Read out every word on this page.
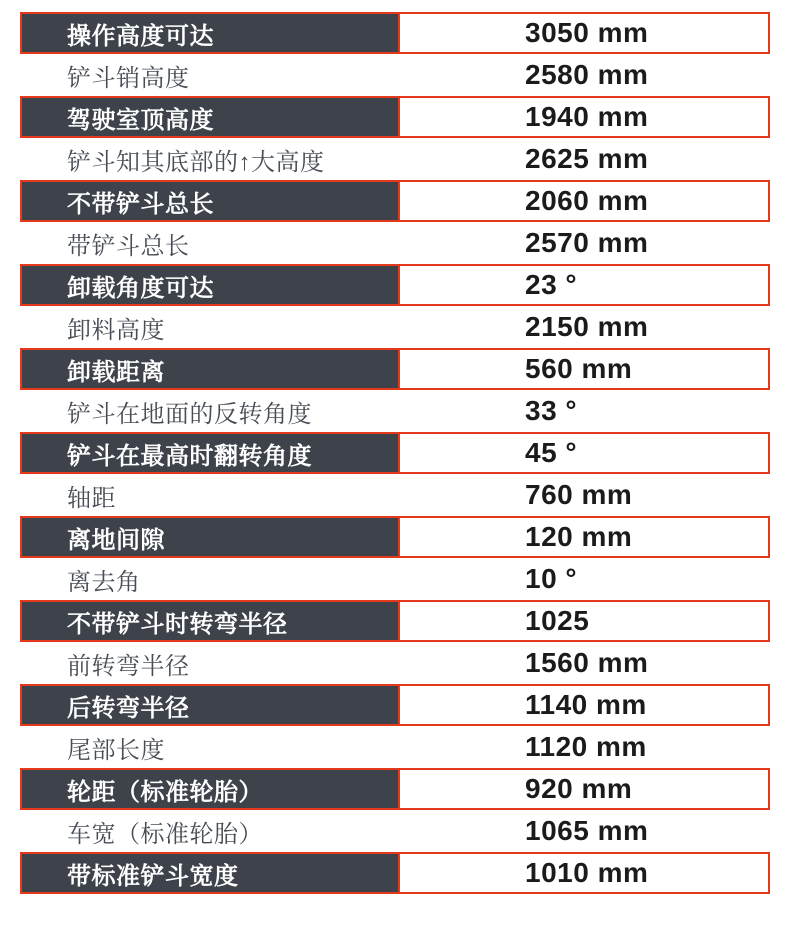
操作高度可达	3050 mm
铲斗销高度	2580 mm
驾驶室顶高度	1940 mm
铲斗知其底部的↑大高度	2625 mm
不带铲斗总长	2060 mm
带铲斗总长	2570 mm
卸载角度可达	23 °
卸料高度	2150 mm
卸载距离	560 mm
铲斗在地面的反转角度	33 °
铲斗在最高时翻转角度	45 °
轴距	760 mm
离地间隙	120 mm
离去角	10 °
不带铲斗时转弯半径	1025
前转弯半径	1560 mm
后转弯半径	1140 mm
尾部长度	1120 mm
轮距（标准轮胎）	920 mm
车宽（标准轮胎）	1065 mm
带标准铲斗宽度	1010 mm
